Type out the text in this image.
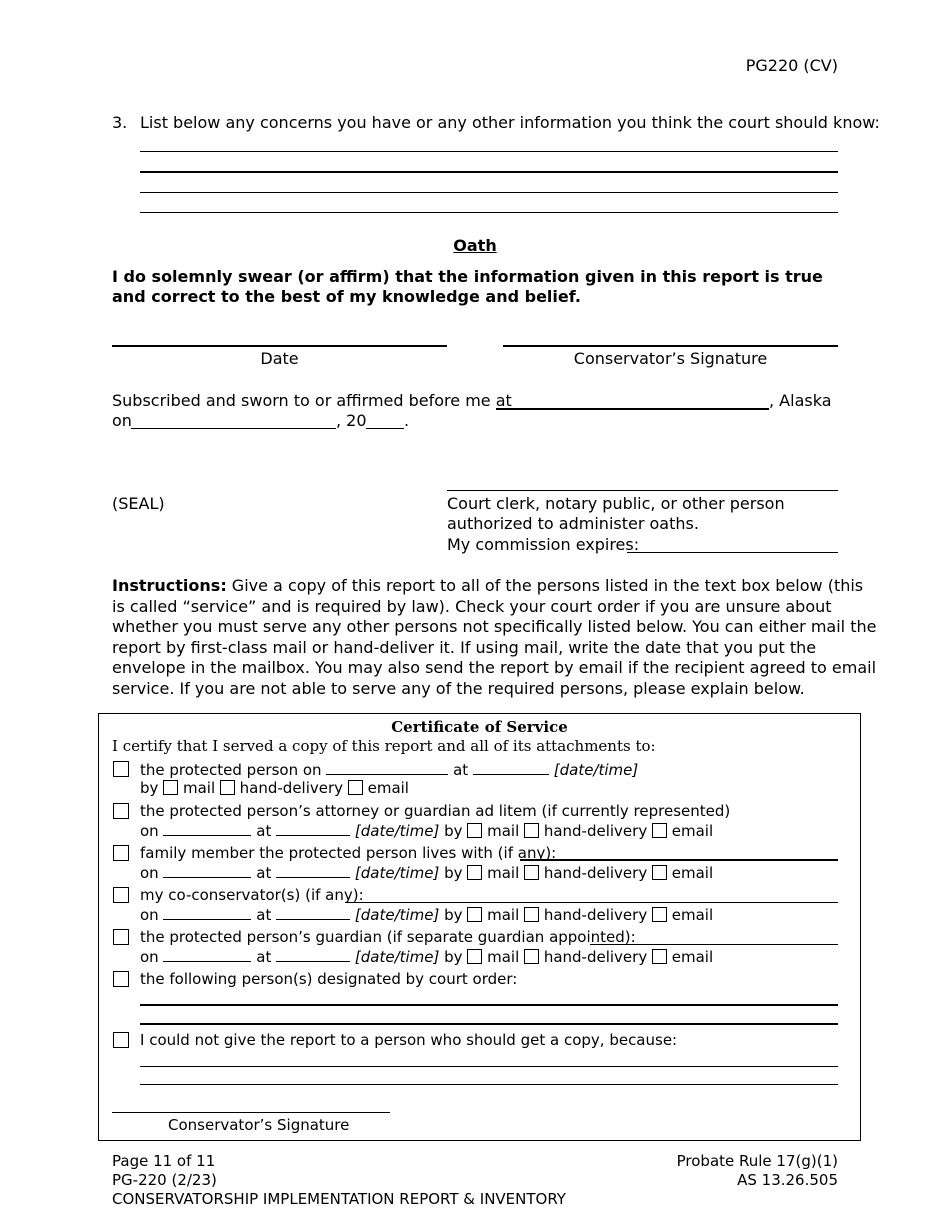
PG220 (CV)
3. List below any concerns you have or any other information you think the court should know:
Oath
I do solemnly swear (or affirm) that the information given in this report is true and correct to the best of my knowledge and belief.
Date	Conservator’s Signature
Subscribed and sworn to or affirmed before me at	, Alaska
on	, 20 .
(SEAL)	Court clerk, notary public, or other person
authorized to administer oaths.
My commission expires:
Instructions: Give a copy of this report to all of the persons listed in the text box below (this
is called “service” and is required by law). Check your court order if you are unsure about
whether you must serve any other persons not specifically listed below. You can either mail the
report by first-class mail or hand-deliver it. If using mail, write the date that you put the
envelope in the mailbox. You may also send the report by email if the recipient agreed to email
service. If you are not able to serve any of the required persons, please explain below.
Certificate of Service
I certify that I served a copy of this report and all of its attachments to:
the protected person on	at	[date/time]
by mail hand-delivery email
the protected person’s attorney or guardian ad litem (if currently represented)
on	at	[date/time] by mail hand-delivery email
family member the protected person lives with (if any):
on	at	[date/time] by mail hand-delivery email
my co-conservator(s) (if any):
on	at	[date/time] by mail hand-delivery email
the protected person’s guardian (if separate guardian appointed):
on	at	[date/time] by mail hand-delivery email
the following person(s) designated by court order:
I could not give the report to a person who should get a copy, because:
Conservator’s Signature
Page 11 of 11
PG-220 (2/23)
CONSERVATORSHIP IMPLEMENTATION REPORT & INVENTORY
Probate Rule 17(g)(1)
AS 13.26.505
